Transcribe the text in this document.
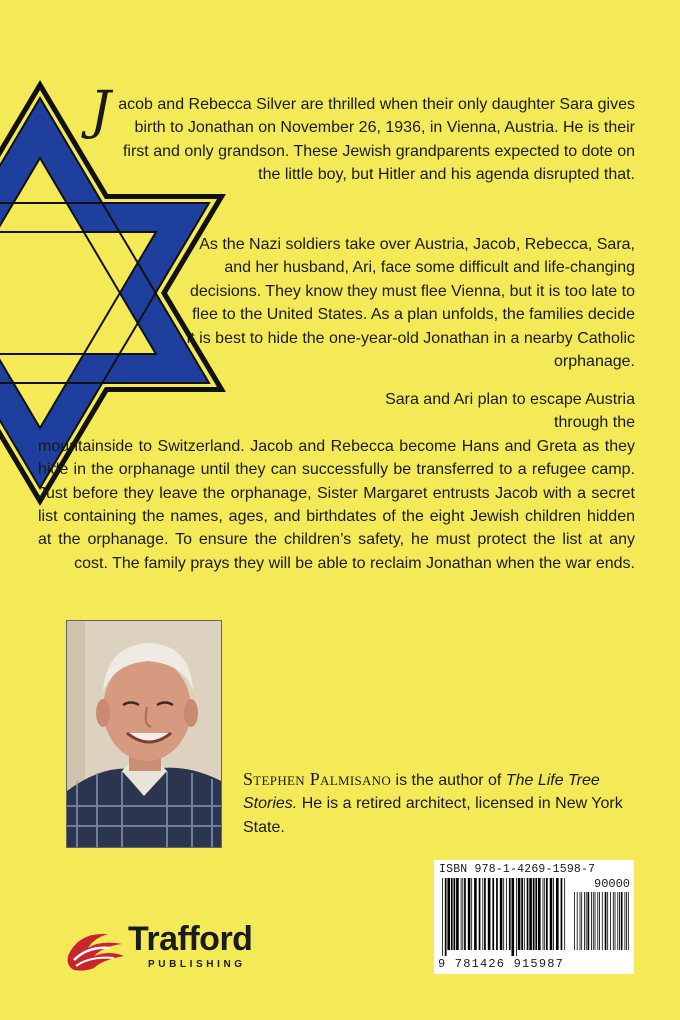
Jacob and Rebecca Silver are thrilled when their only daughter Sara gives birth to Jonathan on November 26, 1936, in Vienna, Austria. He is their first and only grandson. These Jewish grandparents expected to dote on the little boy, but Hitler and his agenda disrupted that.

As the Nazi soldiers take over Austria, Jacob, Rebecca, Sara, and her husband, Ari, face some difficult and life-changing decisions. They know they must flee Vienna, but it is too late to flee to the United States. As a plan unfolds, the families decide it is best to hide the one-year-old Jonathan in a nearby Catholic orphanage.

Sara and Ari plan to escape Austria through the
mountainside to Switzerland. Jacob and Rebecca become Hans and Greta as they hide in the orphanage until they can successfully be transferred to a refugee camp. Just before they leave the orphanage, Sister Margaret entrusts Jacob with a secret list containing the names, ages, and birthdates of the eight Jewish children hidden at the orphanage. To ensure the children’s safety, he must protect the list at any cost. The family prays they will be able to reclaim Jonathan when the war ends.

Stephen Palmisano is the author of The Life Tree Stories. He is a retired architect, licensed in New York State.

ISBN 978-1-4269-1598-7
90000
9 781426 915987
Trafford
PUBLISHING
